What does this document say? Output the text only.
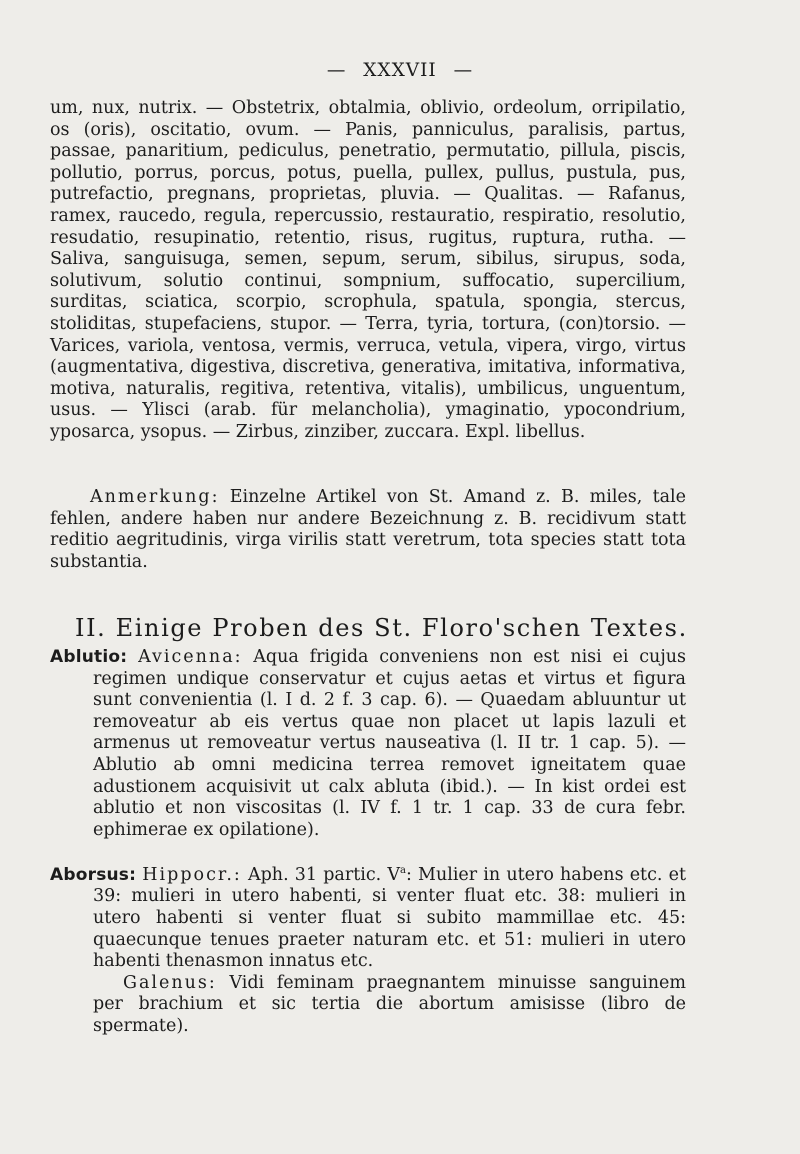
— XXXVII —
um, nux, nutrix. — Obstetrix, obtalmia, oblivio, ordeolum, orripilatio, os (oris), oscitatio, ovum. — Panis, panniculus, paralisis, partus, passae, panaritium, pediculus, penetratio, permutatio, pillula, piscis, pollutio, porrus, porcus, potus, puella, pullex, pullus, pustula, pus, putrefactio, pregnans, proprietas, pluvia. — Qualitas. — Rafanus, ramex, raucedo, regula, repercussio, restauratio, respiratio, resolutio, resudatio, resupinatio, retentio, risus, rugitus, ruptura, rutha. — Saliva, sanguisuga, semen, sepum, serum, sibilus, sirupus, soda, solutivum, solutio continui, sompnium, suffocatio, supercilium, surditas, sciatica, scorpio, scrophula, spatula, spongia, stercus, stoliditas, stupefaciens, stupor. — Terra, tyria, tortura, (con)torsio. — Varices, variola, ventosa, vermis, verruca, vetula, vipera, virgo, virtus (augmentativa, digestiva, discretiva, generativa, imitativa, informativa, motiva, naturalis, regitiva, retentiva, vitalis), umbilicus, unguentum, usus. — Ylisci (arab. für melancholia), ymaginatio, ypocondrium, yposarca, ysopus. — Zirbus, zinziber, zuccara. Expl. libellus.
Anmerkung: Einzelne Artikel von St. Amand z. B. miles, tale fehlen, andere haben nur andere Bezeichnung z. B. recidivum statt reditio aegritudinis, virga virilis statt veretrum, tota species statt tota substantia.
II. Einige Proben des St. Floro'schen Textes.
Ablutio: Avicenna: Aqua frigida conveniens non est nisi ei cujus regimen undique conservatur et cujus aetas et virtus et figura sunt convenientia (l. I d. 2 f. 3 cap. 6). — Quaedam abluuntur ut removeatur ab eis vertus quae non placet ut lapis lazuli et armenus ut removeatur vertus nauseativa (l. II tr. 1 cap. 5). — Ablutio ab omni medicina terrea removet igneitatem quae adustionem acquisivit ut calx abluta (ibid.). — In kist ordei est ablutio et non viscositas (l. IV f. 1 tr. 1 cap. 33 de cura febr. ephimerae ex opilatione).
Aborsus: Hippocr.: Aph. 31 partic. $V^a$: Mulier in utero habens etc. et 39: mulieri in utero habenti, si venter fluat etc. 38: mulieri in utero habenti si venter fluat si subito mammillae etc. 45: quaecunque tenues praeter naturam etc. et 51: mulieri in utero habenti thenasmon innatus etc.
Galenus: Vidi feminam praegnantem minuisse sanguinem per brachium et sic tertia die abortum amisisse (libro de spermate).
